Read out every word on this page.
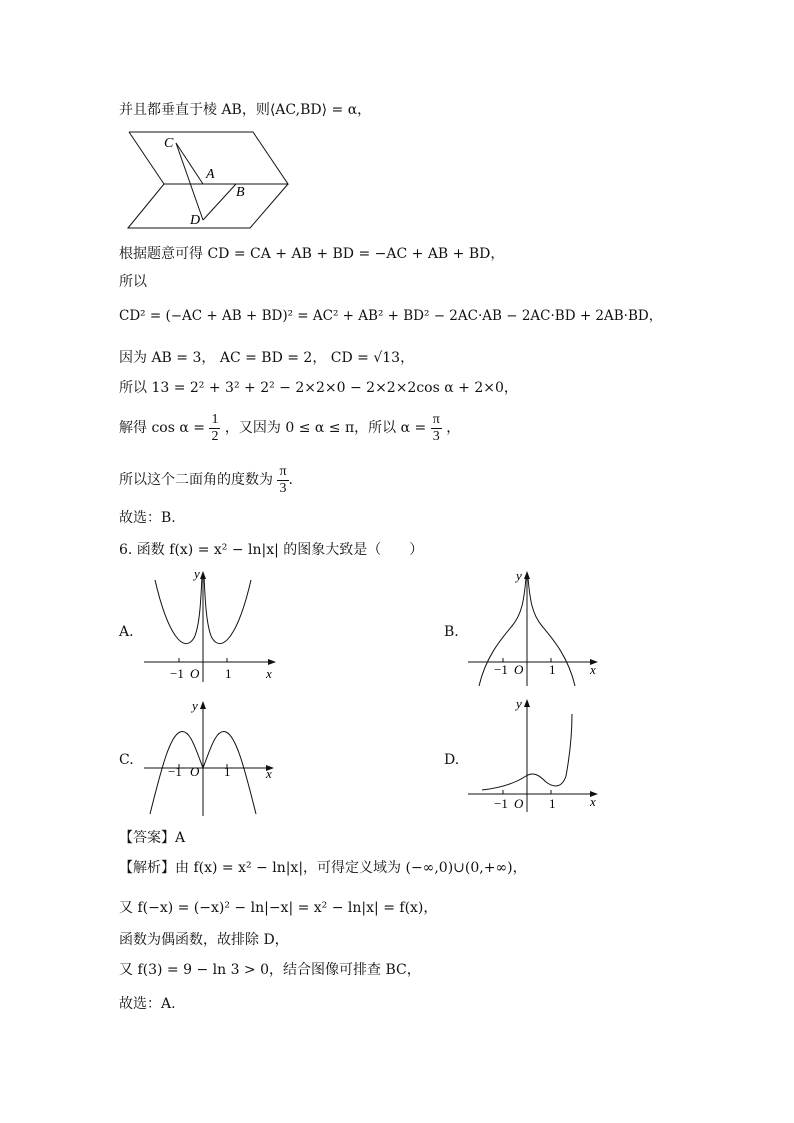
并且都垂直于棱 AB，则⟨AC,BD⟩ = α，
C
A
B
D
根据题意可得 CD = CA + AB + BD = −AC + AB + BD，
所以
CD² = (−AC + AB + BD)² = AC² + AB² + BD² − 2AC·AB − 2AC·BD + 2AB·BD，
因为 AB = 3， AC = BD = 2， CD = √13，
所以 13 = 2² + 3² + 2² − 2×2×0 − 2×2×2cos α + 2×0，
解得 $\cos \alpha = \frac{1}{2}$ ，又因为 0 ≤ α ≤ π，所以 $\alpha = \frac{\pi}{3}$ ，
所以这个二面角的度数为 $\frac{\pi}{3}$ .
故选：B.
6. 函数 f(x) = x² − ln|x| 的图象大致是（　　）
A.
y
x
O
−1	1
B.
y
x
O
−1	1
C.
y
x
O
−1	1
D.
y
x
O
−1	1
【答案】A
【解析】由 f(x) = x² − ln|x|，可得定义域为 (−∞,0)∪(0,+∞)，
又 f(−x) = (−x)² − ln|−x| = x² − ln|x| = f(x)，
函数为偶函数，故排除 D，
又 f(3) = 9 − ln 3 > 0，结合图像可排查 BC，
故选：A.
